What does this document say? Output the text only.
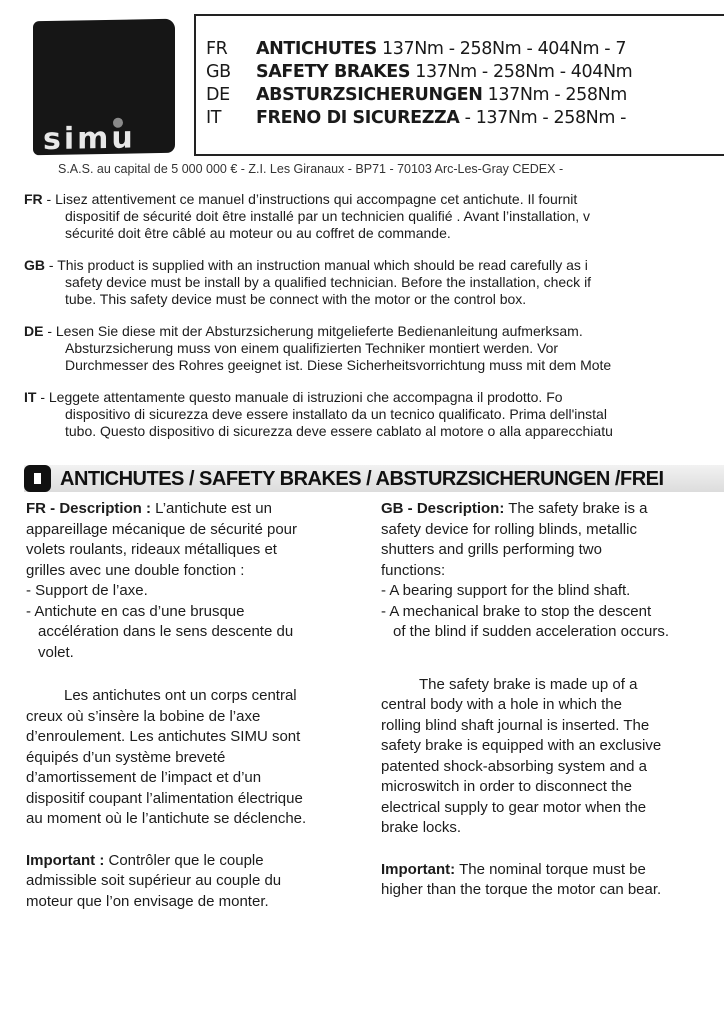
simu
FR ANTICHUTES 137Nm - 258Nm - 404Nm - 7
GB SAFETY BRAKES 137Nm - 258Nm - 404Nm
DE ABSTURZSICHERUNGEN 137Nm - 258Nm
IT FRENO DI SICUREZZA - 137Nm - 258Nm -
S.A.S. au capital de 5 000 000 € - Z.I. Les Giranaux - BP71 - 70103 Arc-Les-Gray CEDEX -
FR - Lisez attentivement ce manuel d’instructions qui accompagne cet antichute. Il fournit
dispositif de sécurité doit être installé par un technicien qualifié . Avant l’installation, v
sécurité doit être câblé au moteur ou au coffret de commande.
GB - This product is supplied with an instruction manual which should be read carefully as i
safety device must be install by a qualified technician. Before the installation, check if
tube. This safety device must be connect with the motor or the control box.
DE - Lesen Sie diese mit der Absturzsicherung mitgelieferte Bedienanleitung aufmerksam.
Absturzsicherung muss von einem qualifizierten Techniker montiert werden. Vor
Durchmesser des Rohres geeignet ist. Diese Sicherheitsvorrichtung muss mit dem Mote
IT - Leggete attentamente questo manuale di istruzioni che accompagna il prodotto. Fo
dispositivo di sicurezza deve essere installato da un tecnico qualificato. Prima dell'instal
tubo. Questo dispositivo di sicurezza deve essere cablato al motore o alla apparecchiatu
ANTICHUTES / SAFETY BRAKES / ABSTURZSICHERUNGEN /FREI
FR - Description : L’antichute est un
appareillage mécanique de sécurité pour
volets roulants, rideaux métalliques et
grilles avec une double fonction :
- Support de l’axe.
- Antichute en cas d’une brusque
accélération dans le sens descente du
volet.
Les antichutes ont un corps central
creux où s’insère la bobine de l’axe
d’enroulement. Les antichutes SIMU sont
équipés d’un système breveté
d’amortissement de l’impact et d’un
dispositif coupant l’alimentation électrique
au moment où le l’antichute se déclenche.
Important : Contrôler que le couple
admissible soit supérieur au couple du
moteur que l’on envisage de monter.
GB - Description: The safety brake is a
safety device for rolling blinds, metallic
shutters and grills performing two
functions:
- A bearing support for the blind shaft.
- A mechanical brake to stop the descent
of the blind if sudden acceleration occurs.
The safety brake is made up of a
central body with a hole in which the
rolling blind shaft journal is inserted. The
safety brake is equipped with an exclusive
patented shock-absorbing system and a
microswitch in order to disconnect the
electrical supply to gear motor when the
brake locks.
Important: The nominal torque must be
higher than the torque the motor can bear.
